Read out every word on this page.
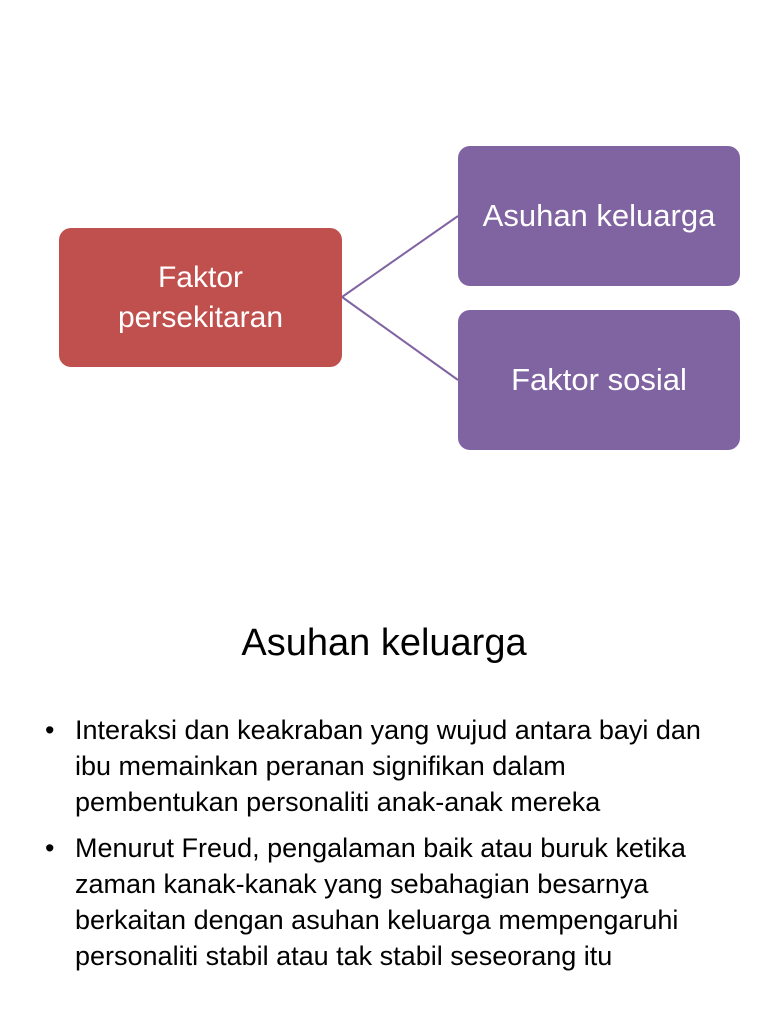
Faktor
persekitaran
Asuhan keluarga
Faktor sosial
Asuhan keluarga
• Interaksi dan keakraban yang wujud antara bayi dan ibu memainkan peranan signifikan dalam pembentukan personaliti anak-anak mereka
• Menurut Freud, pengalaman baik atau buruk ketika zaman kanak-kanak yang sebahagian besarnya berkaitan dengan asuhan keluarga mempengaruhi personaliti stabil atau tak stabil seseorang itu
